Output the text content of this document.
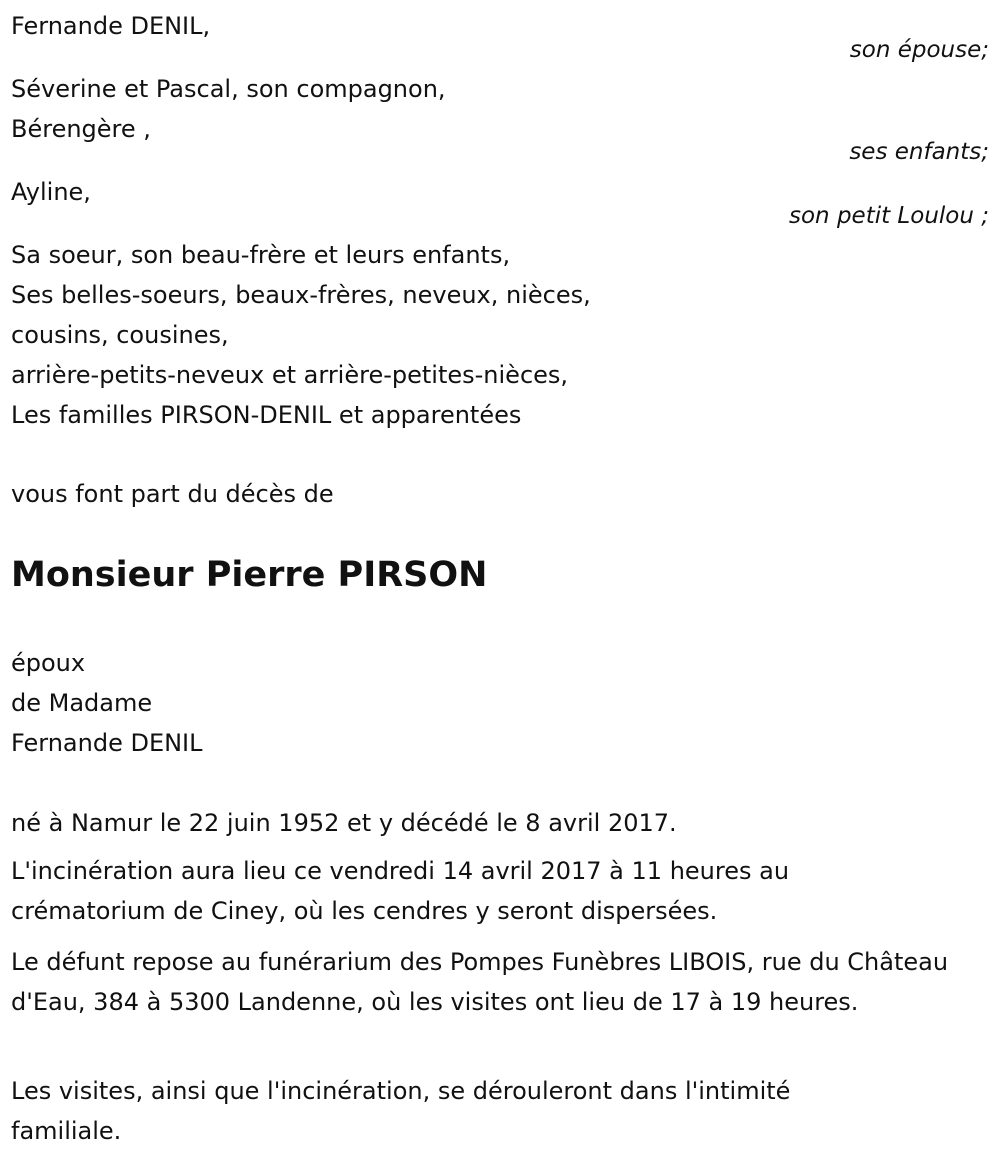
Fernande DENIL,

son épouse;

Séverine et Pascal, son compagnon,

Bérengère ,

ses enfants;

Ayline,

son petit Loulou ;

Sa soeur, son beau-frère et leurs enfants,

Ses belles-soeurs, beaux-frères, neveux, nièces,

cousins, cousines,

arrière-petits-neveux et arrière-petites-nièces,

Les familles PIRSON-DENIL et apparentées

vous font part du décès de

Monsieur Pierre PIRSON

époux

de Madame

Fernande DENIL

né à Namur le 22 juin 1952 et y décédé le 8 avril 2017.

L'incinération aura lieu ce vendredi 14 avril 2017 à 11 heures au crématorium de Ciney, où les cendres y seront dispersées.

Le défunt repose au funérarium des Pompes Funèbres LIBOIS, rue du Château d'Eau, 384 à 5300 Landenne, où les visites ont lieu de 17 à 19 heures.

Les visites, ainsi que l'incinération, se dérouleront dans l'intimité familiale.
